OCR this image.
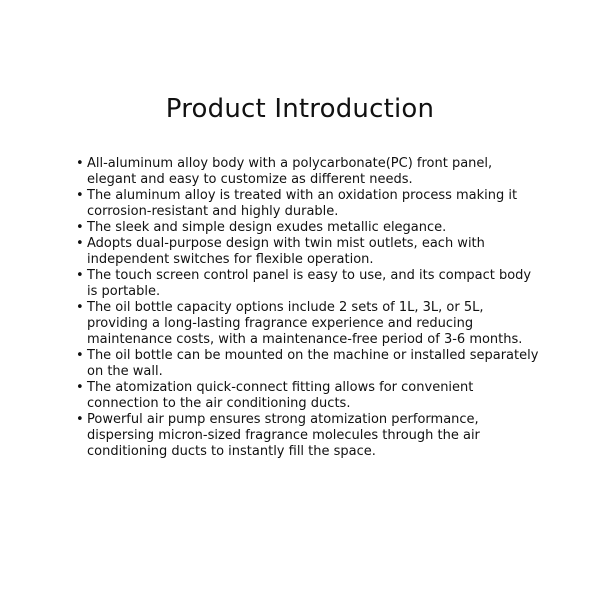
Product Introduction
• All-aluminum alloy body with a polycarbonate(PC) front panel, elegant and easy to customize as different needs.
• The aluminum alloy is treated with an oxidation process making it corrosion-resistant and highly durable.
• The sleek and simple design exudes metallic elegance.
• Adopts dual-purpose design with twin mist outlets, each with independent switches for flexible operation.
• The touch screen control panel is easy to use, and its compact body is portable.
• The oil bottle capacity options include 2 sets of 1L, 3L, or 5L, providing a long-lasting fragrance experience and reducing maintenance costs, with a maintenance-free period of 3-6 months.
• The oil bottle can be mounted on the machine or installed separately on the wall.
• The atomization quick-connect fitting allows for convenient connection to the air conditioning ducts.
• Powerful air pump ensures strong atomization performance, dispersing micron-sized fragrance molecules through the air conditioning ducts to instantly fill the space.
